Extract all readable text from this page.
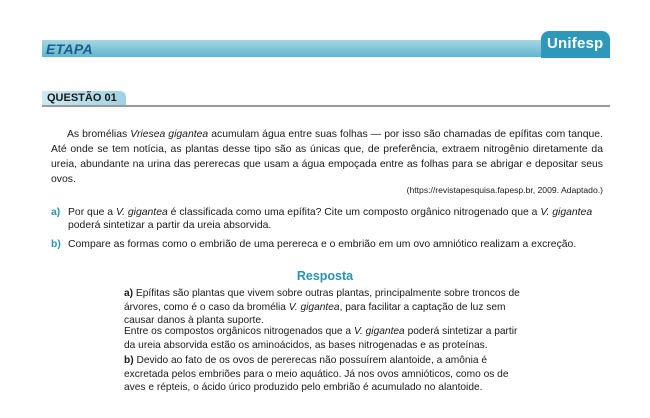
ETAPA	Unifesp
QUESTÃO 01

As bromélias Vriesea gigantea acumulam água entre suas folhas — por isso são chamadas de epífitas com tanque. Até onde se tem notícia, as plantas desse tipo são as únicas que, de preferência, extraem nitrogênio diretamente da ureia, abundante na urina das pererecas que usam a água empoçada entre as folhas para se abrigar e depositar seus ovos.

(https://revistapesquisa.fapesp.br, 2009. Adaptado.)
a) Por que a V. gigantea é classificada como uma epífita? Cite um composto orgânico nitrogenado que a V. gigantea poderá sintetizar a partir da ureia absorvida.
b) Compare as formas como o embrião de uma perereca e o embrião em um ovo amniótico realizam a excreção.
Resposta
a) Epífitas são plantas que vivem sobre outras plantas, principalmente sobre troncos de árvores, como é o caso da bromélia V. gigantea, para facilitar a captação de luz sem causar danos à planta suporte.
Entre os compostos orgânicos nitrogenados que a V. gigantea poderá sintetizar a partir da ureia absorvida estão os aminoácidos, as bases nitrogenadas e as proteínas.
b) Devido ao fato de os ovos de pererecas não possuírem alantoide, a amônia é excretada pelos embriões para o meio aquático. Já nos ovos amnióticos, como os de aves e répteis, o ácido úrico produzido pelo embrião é acumulado no alantoide.
